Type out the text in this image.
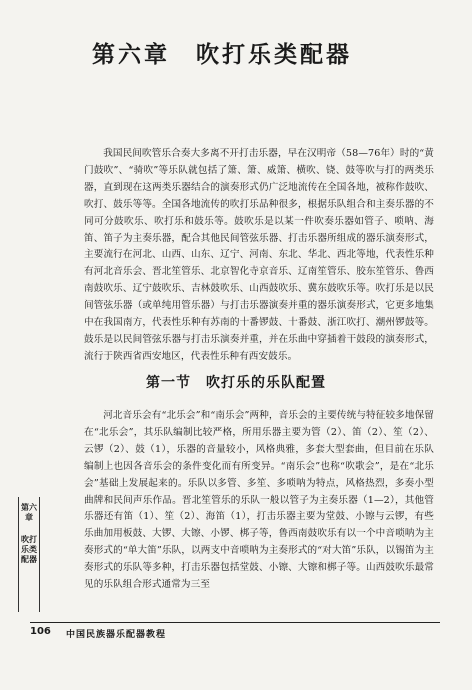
第六章　吹打乐类配器

我国民间吹管乐合奏大多离不开打击乐器，早在汉明帝（58—76年）时的“黄门鼓吹”、“骑吹”等乐队就包括了箫、箫、威箫、横吹、铙、鼓等吹与打的两类乐器，直到现在这两类乐器结合的演奏形式仍广泛地流传在全国各地，被称作鼓吹、吹打、鼓乐等等。全国各地流传的吹打乐品种很多，根据乐队组合和主奏乐器的不同可分鼓吹乐、吹打乐和鼓乐等。鼓吹乐是以某一件吹奏乐器如管子、唢呐、海笛、笛子为主奏乐器，配合其他民间管弦乐器、打击乐器所组成的器乐演奏形式，主要流行在河北、山西、山东、辽宁、河南、东北、华北、西北等地，代表性乐种有河北音乐会、晋北笙管乐、北京智化寺京音乐、辽南笙管乐、胶东笙管乐、鲁西南鼓吹乐、辽宁鼓吹乐、吉林鼓吹乐、山西鼓吹乐、冀东鼓吹乐等。吹打乐是以民间管弦乐器（或单纯用管乐器）与打击乐器演奏并重的器乐演奏形式，它更多地集中在我国南方，代表性乐种有苏南的十番锣鼓、十番鼓、浙江吹打、潮州锣鼓等。鼓乐是以民间管弦乐器与打击乐演奏并重，并在乐曲中穿插着干鼓段的演奏形式，流行于陕西省西安地区，代表性乐种有西安鼓乐。

第一节　吹打乐的乐队配置

河北音乐会有“北乐会”和“南乐会”两种，音乐会的主要传统与特征较多地保留在“北乐会”，其乐队编制比较严格，所用乐器主要为管（2）、笛（2）、笙（2）、云锣（2）、鼓（1），乐器的音量较小，风格典雅，多套大型套曲，但目前在乐队编制上也因各音乐会的条件变化而有所变异。“南乐会”也称“吹歌会”，是在“北乐会”基础上发展起来的。乐队以多管、多笙、多唢呐为特点，风格热烈，多奏小型曲牌和民间声乐作品。晋北笙管乐的乐队一般以管子为主奏乐器（1—2），其他管乐器还有笛（1）、笙（2）、海笛（1），打击乐器主要为堂鼓、小镲与云锣，有些乐曲加用板鼓、大锣、大镲、小锣、梆子等，鲁西南鼓吹乐有以一个中音唢呐为主奏形式的“单大笛”乐队，以两支中音唢呐为主奏形式的“对大笛”乐队，以锡笛为主奏形式的乐队等多种，打击乐器包括堂鼓、小镲、大镲和梆子等。山西鼓吹乐最常见的乐队组合形式通常为三至

第六章
吹打乐类配器
106 中国民族器乐配器教程
